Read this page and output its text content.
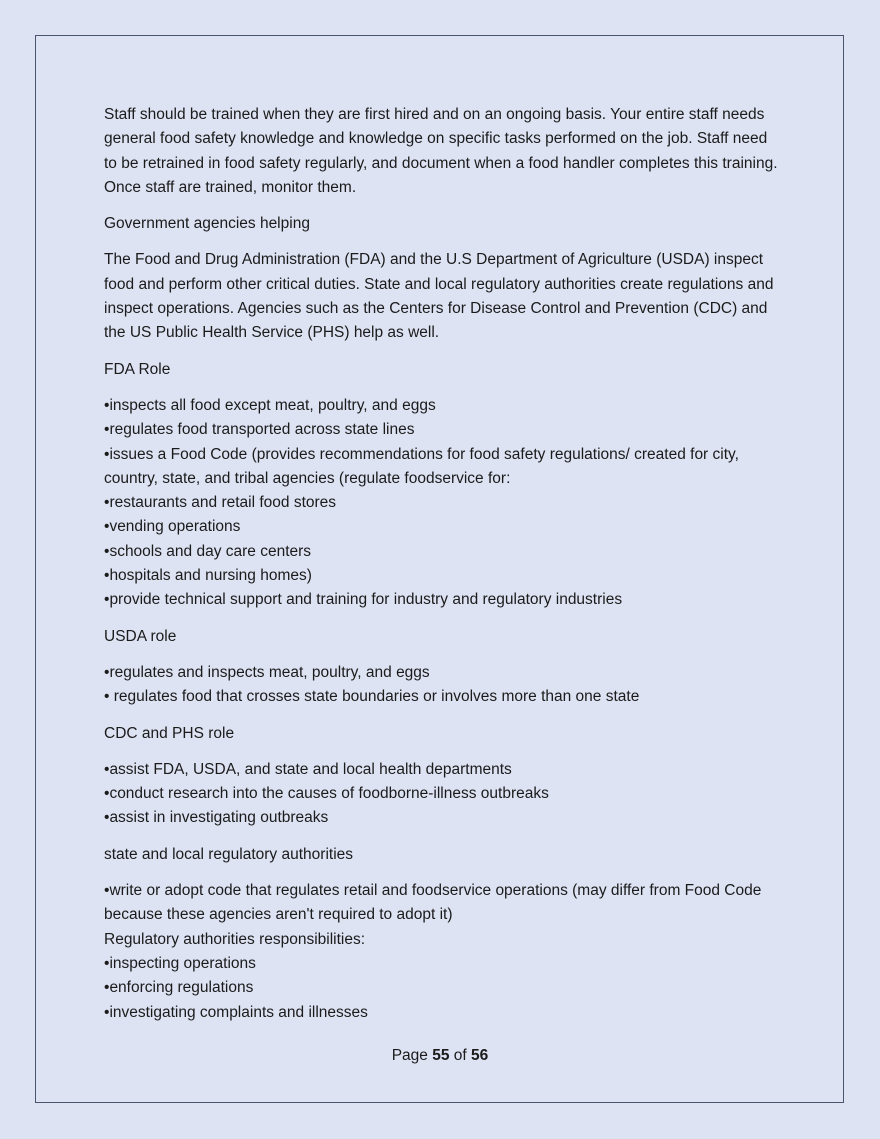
Staff should be trained when they are first hired and on an ongoing basis. Your entire staff needs general food safety knowledge and knowledge on specific tasks performed on the job. Staff need to be retrained in food safety regularly, and document when a food handler completes this training. Once staff are trained, monitor them.

Government agencies helping

The Food and Drug Administration (FDA) and the U.S Department of Agriculture (USDA) inspect food and perform other critical duties. State and local regulatory authorities create regulations and inspect operations. Agencies such as the Centers for Disease Control and Prevention (CDC) and the US Public Health Service (PHS) help as well.

FDA Role

• inspects all food except meat, poultry, and eggs
• regulates food transported across state lines
• issues a Food Code (provides recommendations for food safety regulations/ created for city, country, state, and tribal agencies (regulate foodservice for:
• restaurants and retail food stores
• vending operations
• schools and day care centers
• hospitals and nursing homes)
• provide technical support and training for industry and regulatory industries

USDA role

• regulates and inspects meat, poultry, and eggs
•  regulates food that crosses state boundaries or involves more than one state

CDC and PHS role

• assist FDA, USDA, and state and local health departments
• conduct research into the causes of foodborne-illness outbreaks
• assist in investigating outbreaks

state and local regulatory authorities

• write or adopt code that regulates retail and foodservice operations (may differ from Food Code because these agencies aren't required to adopt it)
Regulatory authorities responsibilities:
• inspecting operations
• enforcing regulations
• investigating complaints and illnesses
Page 55 of 56
